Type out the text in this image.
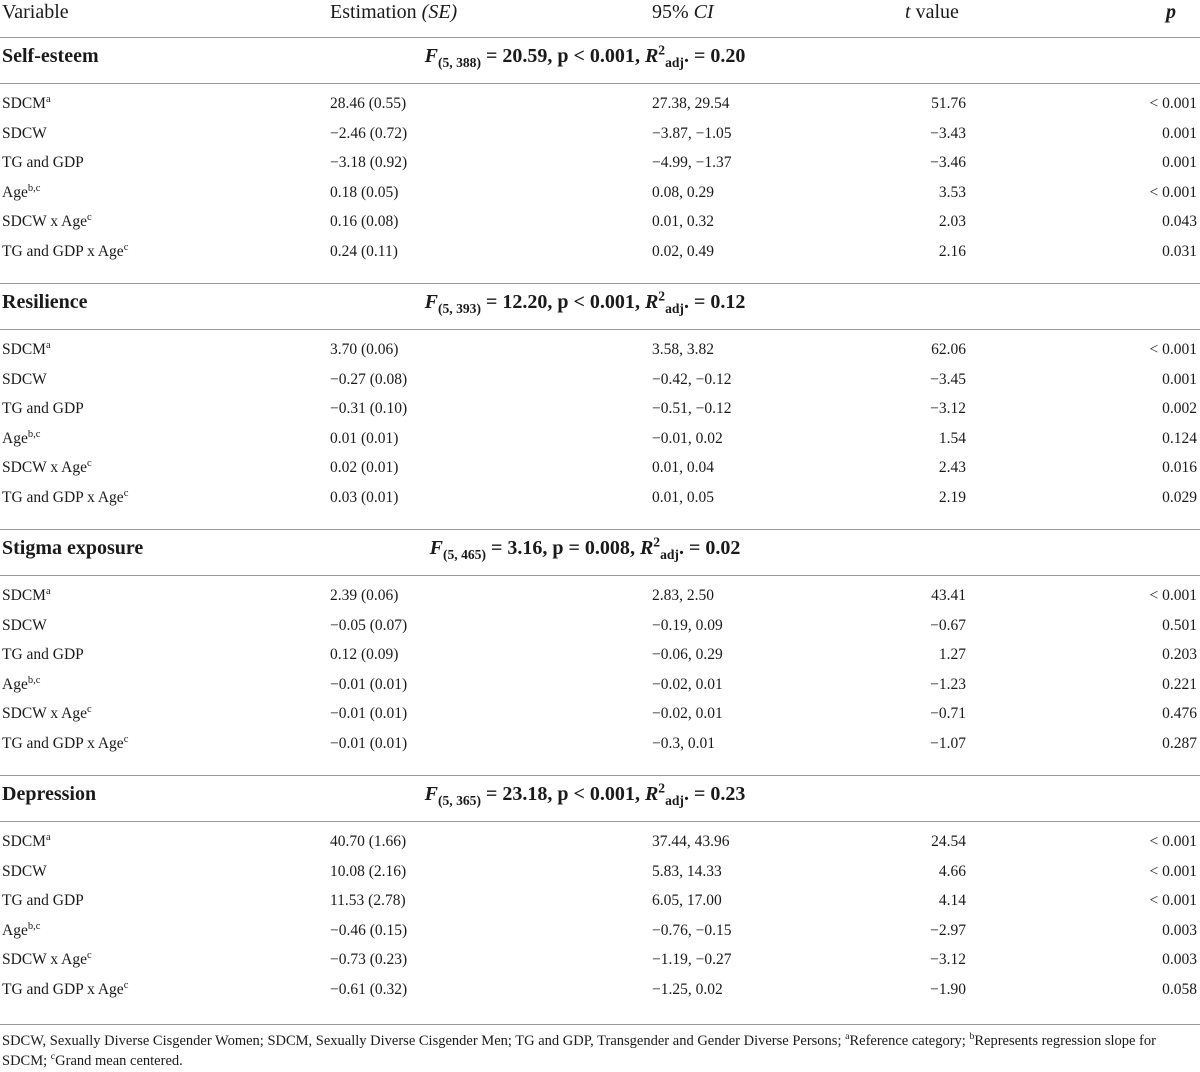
Variable	Estimation (SE)	95% CI	t value	p
Self-esteem	$F_{(5, 388)} = 20.59$, p < 0.001, $R^2_{adj}$. = 0.20
SDCM$^a$	28.46 (0.55)	27.38, 29.54	51.76	< 0.001
SDCW	−2.46 (0.72)	−3.87, −1.05	−3.43	0.001
TG and GDP	−3.18 (0.92)	−4.99, −1.37	−3.46	0.001
Age$^{b,c}$	0.18 (0.05)	0.08, 0.29	3.53	< 0.001
SDCW x Age$^c$	0.16 (0.08)	0.01, 0.32	2.03	0.043
TG and GDP x Age$^c$	0.24 (0.11)	0.02, 0.49	2.16	0.031
Resilience	$F_{(5, 393)} = 12.20$, p < 0.001, $R^2_{adj}$. = 0.12
SDCM$^a$	3.70 (0.06)	3.58, 3.82	62.06	< 0.001
SDCW	−0.27 (0.08)	−0.42, −0.12	−3.45	0.001
TG and GDP	−0.31 (0.10)	−0.51, −0.12	−3.12	0.002
Age$^{b,c}$	0.01 (0.01)	−0.01, 0.02	1.54	0.124
SDCW x Age$^c$	0.02 (0.01)	0.01, 0.04	2.43	0.016
TG and GDP x Age$^c$	0.03 (0.01)	0.01, 0.05	2.19	0.029
Stigma exposure	$F_{(5, 465)} = 3.16$, p = 0.008, $R^2_{adj}$. = 0.02
SDCM$^a$	2.39 (0.06)	2.83, 2.50	43.41	< 0.001
SDCW	−0.05 (0.07)	−0.19, 0.09	−0.67	0.501
TG and GDP	0.12 (0.09)	−0.06, 0.29	1.27	0.203
Age$^{b,c}$	−0.01 (0.01)	−0.02, 0.01	−1.23	0.221
SDCW x Age$^c$	−0.01 (0.01)	−0.02, 0.01	−0.71	0.476
TG and GDP x Age$^c$	−0.01 (0.01)	−0.3, 0.01	−1.07	0.287
Depression	$F_{(5, 365)} = 23.18$, p < 0.001, $R^2_{adj}$. = 0.23
SDCM$^a$	40.70 (1.66)	37.44, 43.96	24.54	< 0.001
SDCW	10.08 (2.16)	5.83, 14.33	4.66	< 0.001
TG and GDP	11.53 (2.78)	6.05, 17.00	4.14	< 0.001
Age$^{b,c}$	−0.46 (0.15)	−0.76, −0.15	−2.97	0.003
SDCW x Age$^c$	−0.73 (0.23)	−1.19, −0.27	−3.12	0.003
TG and GDP x Age$^c$	−0.61 (0.32)	−1.25, 0.02	−1.90	0.058
SDCW, Sexually Diverse Cisgender Women; SDCM, Sexually Diverse Cisgender Men; TG and GDP, Transgender and Gender Diverse Persons; $^a$Reference category; $^b$Represents regression slope for SDCM; $^c$Grand mean centered.
